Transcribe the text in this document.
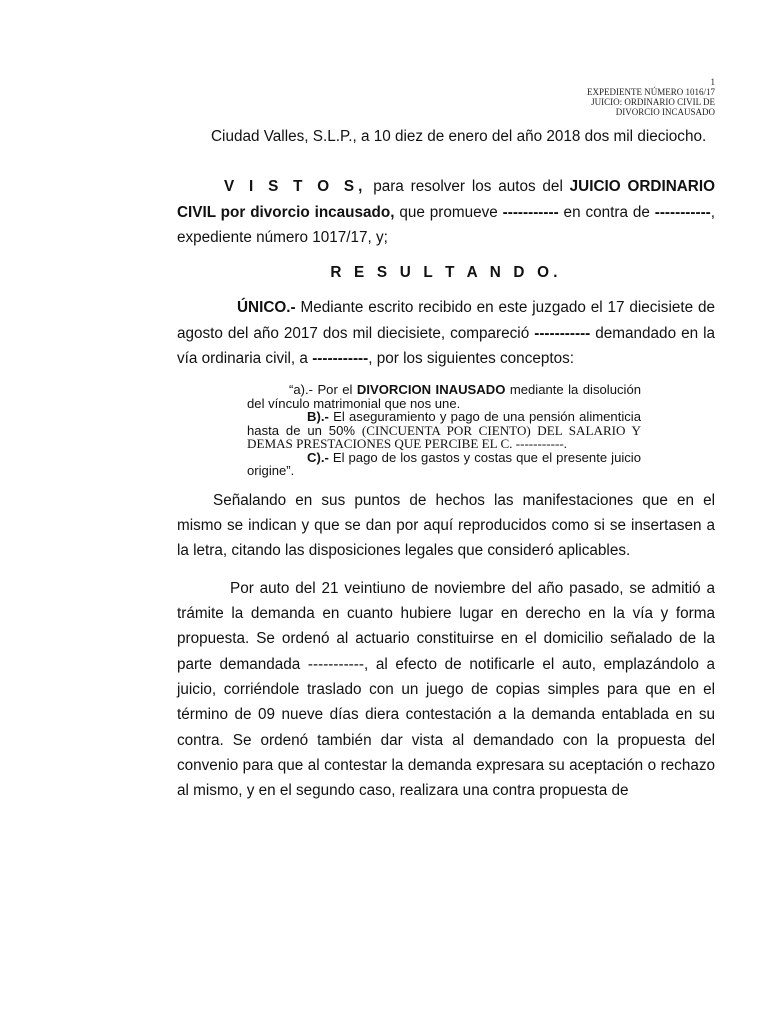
1
EXPEDIENTE NÚMERO 1016/17
JUICIO: ORDINARIO CIVIL DE
DIVORCIO INCAUSADO

Ciudad Valles, S.L.P., a 10 diez de enero del año 2018 dos mil dieciocho.

V I S T O S, para resolver los autos del JUICIO ORDINARIO CIVIL por divorcio incausado, que promueve ----------- en contra de -----------, expediente número 1017/17, y;

R E S U L T A N D O.

ÚNICO.- Mediante escrito recibido en este juzgado el 17 diecisiete de agosto del año 2017 dos mil diecisiete, compareció ----------- demandado en la vía ordinaria civil, a -----------, por los siguientes conceptos:

“a).- Por el DIVORCION INAUSADO mediante la disolución del vínculo matrimonial que nos une.
B).- El aseguramiento y pago de una pensión alimenticia hasta de un 50% (CINCUENTA POR CIENTO) DEL SALARIO Y DEMAS PRESTACIONES QUE PERCIBE EL C. -----------.
C).- El pago de los gastos y costas que el presente juicio origine”.

Señalando en sus puntos de hechos las manifestaciones que en el mismo se indican y que se dan por aquí reproducidos como si se insertasen a la letra, citando las disposiciones legales que consideró aplicables.

Por auto del 21 veintiuno de noviembre del año pasado, se admitió a trámite la demanda en cuanto hubiere lugar en derecho en la vía y forma propuesta. Se ordenó al actuario constituirse en el domicilio señalado de la parte demandada -----------, al efecto de notificarle el auto, emplazándolo a juicio, corriéndole traslado con un juego de copias simples para que en el término de 09 nueve días diera contestación a la demanda entablada en su contra. Se ordenó también dar vista al demandado con la propuesta del convenio para que al contestar la demanda expresara su aceptación o rechazo al mismo, y en el segundo caso, realizara una contra propuesta de
